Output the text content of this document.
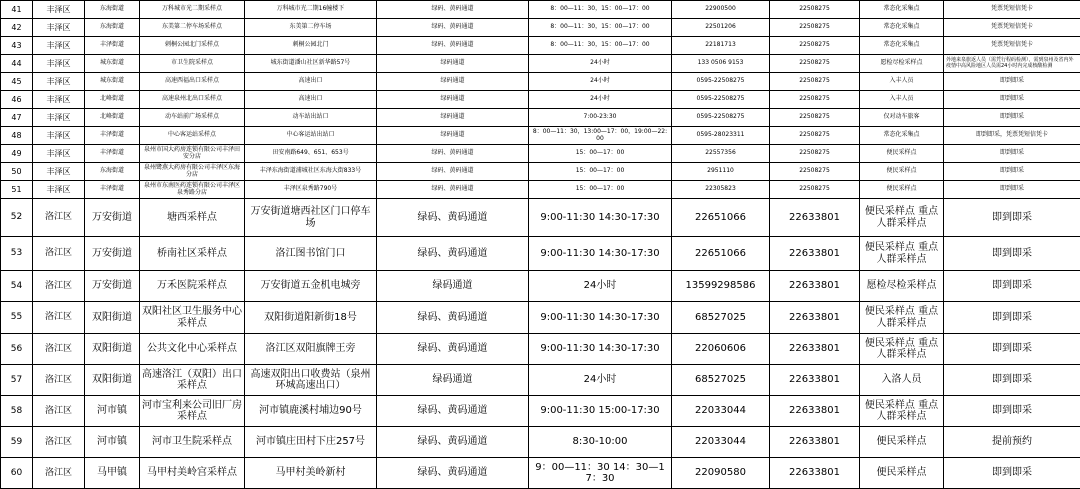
41	丰泽区	东海街道	万科城市光二期采样点	万科城市光二期16幢楼下	绿码、黄码通道	8：00—11：30，15：00—17：00	22900500	22508275	常态化采集点	凭票凭短信凭卡
42	丰泽区	东海街道	东美第二停车场采样点	东美第二停车场	绿码、黄码通道	8：00—11：30，15：00—17：00	22501206	22508275	常态化采集点	凭票凭短信凭卡
43	丰泽区	丰泽街道	刺桐公园北门采样点	刺桐公园北门	绿码、黄码通道	8：00—11：30，15：00—17：00	22181713	22508275	常态化采集点	凭票凭短信凭卡
44	丰泽区	城东街道	市卫生院采样点	城东街道潘山社区新华路57号	绿码通道	24小时	133 0506 9153	22508275	愿检尽检采样点	外地来泉旅返人员（需凭行程码检测），需到泉州及省内外疫情中高风险地区人员需24小时内完成核酸检测
45	丰泽区	城东街道	高速西福出口采样点	高速出口	绿码通道	24小时	0595-22508275	22508275	入丰人员	即到即采
46	丰泽区	北峰街道	高速泉州北出口采样点	高速出口	绿码通道	24小时	0595-22508275	22508275	入丰人员	即到即采
47	丰泽区	北峰街道	动车站前广场采样点	动车站出站口	绿码通道	7:00-23:30	0595-22508275	22508275	仅对动车旅客	即到即采
48	丰泽区	丰泽街道	中心客运站采样点	中心客运站出站口	绿码通道	8：00—11：30，13:00—17：00，19:00—22:00	0595-28023311	22508275	常态化采集点	即到即采，凭票凭短信凭卡
49	丰泽区	丰泽街道	泉州市国大药房连锁有限公司丰泽田安分店	田安南路649、651、653号	绿码、黄码通道	15：00—17：00	22557356	22508275	便民采样点	即到即采
50	丰泽区	东海街道	泉州鹭燕大药房有限公司丰泽区东海分店	丰泽东海街道浦城社区东海大街833号	绿码、黄码通道	15：00—17：00	2951110	22508275	便民采样点	即到即采
51	丰泽区	丰泽街道	泉州市东南医药连锁有限公司丰泽区泉秀路分店	丰泽区泉秀路790号	绿码、黄码通道	15：00—17：00	22305823	22508275	便民采样点	即到即采
52	洛江区	万安街道	塘西采样点	万安街道塘西社区门口停车场	绿码、黄码通道	9:00-11:30 14:30-17:30	22651066	22633801	便民采样点 重点人群采样点	即到即采
53	洛江区	万安街道	桥南社区采样点	洛江图书馆门口	绿码、黄码通道	9:00-11:30 14:30-17:30	22651066	22633801	便民采样点 重点人群采样点	即到即采
54	洛江区	万安街道	万禾医院采样点	万安街道五金机电城旁	绿码通道	24小时	13599298586	22633801	愿检尽检采样点	即到即采
55	洛江区	双阳街道	双阳社区卫生服务中心采样点	双阳街道阳新街18号	绿码、黄码通道	9:00-11:30 14:30-17:30	68527025	22633801	便民采样点 重点人群采样点	即到即采
56	洛江区	双阳街道	公共文化中心采样点	洛江区双阳旗牌王旁	绿码、黄码通道	9:00-11:30 14:30-17:30	22060606	22633801	便民采样点 重点人群采样点	即到即采
57	洛江区	双阳街道	高速洛江（双阳）出口采样点	高速双阳出口收费站（泉州环城高速出口）	绿码通道	24小时	68527025	22633801	入洛人员	即到即采
58	洛江区	河市镇	河市宝利来公司旧厂房采样点	河市镇鹿溪村埔边90号	绿码、黄码通道	9:00-11:30 15:00-17:30	22033044	22633801	便民采样点 重点人群采样点	即到即采
59	洛江区	河市镇	河市卫生院采样点	河市镇庄田村下庄257号	绿码、黄码通道	8:30-10:00	22033044	22633801	便民采样点	提前预约
60	洛江区	马甲镇	马甲村美岭宫采样点	马甲村美岭新村	绿码、黄码通道	9：00—11：30 14：30—17：30	22090580	22633801	便民采样点	即到即采
